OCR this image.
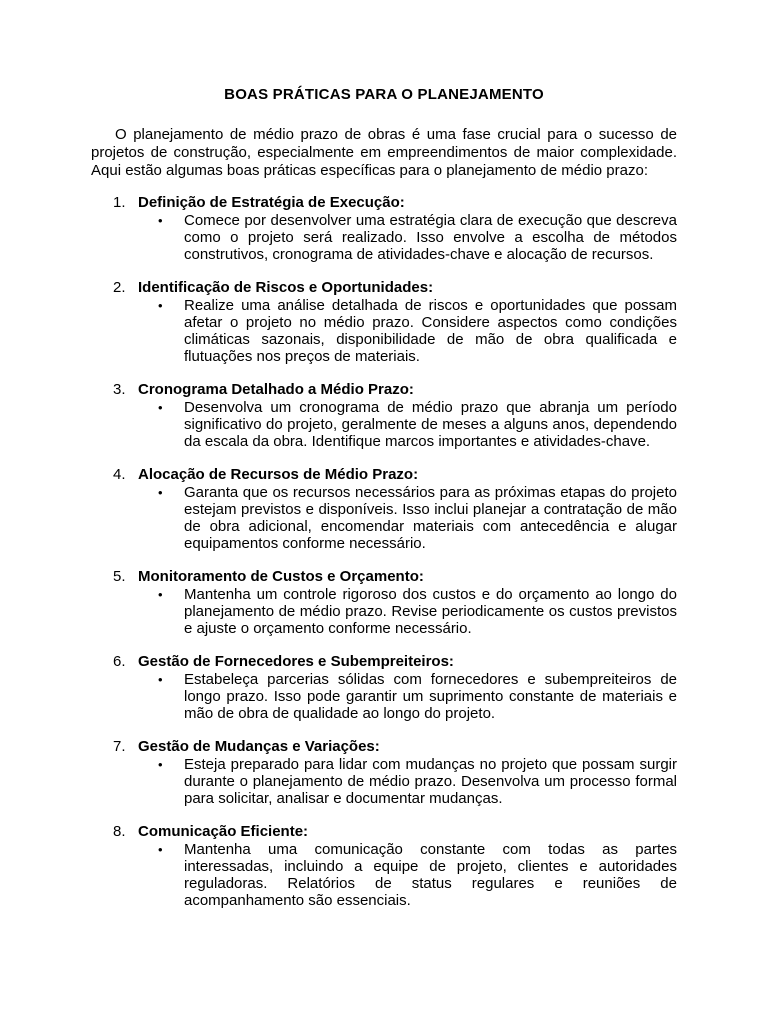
BOAS PRÁTICAS PARA O PLANEJAMENTO
O planejamento de médio prazo de obras é uma fase crucial para o sucesso de projetos de construção, especialmente em empreendimentos de maior complexidade. Aqui estão algumas boas práticas específicas para o planejamento de médio prazo:
1. Definição de Estratégia de Execução:
• Comece por desenvolver uma estratégia clara de execução que descreva como o projeto será realizado. Isso envolve a escolha de métodos construtivos, cronograma de atividades-chave e alocação de recursos.
2. Identificação de Riscos e Oportunidades:
• Realize uma análise detalhada de riscos e oportunidades que possam afetar o projeto no médio prazo. Considere aspectos como condições climáticas sazonais, disponibilidade de mão de obra qualificada e flutuações nos preços de materiais.
3. Cronograma Detalhado a Médio Prazo:
• Desenvolva um cronograma de médio prazo que abranja um período significativo do projeto, geralmente de meses a alguns anos, dependendo da escala da obra. Identifique marcos importantes e atividades-chave.
4. Alocação de Recursos de Médio Prazo:
• Garanta que os recursos necessários para as próximas etapas do projeto estejam previstos e disponíveis. Isso inclui planejar a contratação de mão de obra adicional, encomendar materiais com antecedência e alugar equipamentos conforme necessário.
5. Monitoramento de Custos e Orçamento:
• Mantenha um controle rigoroso dos custos e do orçamento ao longo do planejamento de médio prazo. Revise periodicamente os custos previstos e ajuste o orçamento conforme necessário.
6. Gestão de Fornecedores e Subempreiteiros:
• Estabeleça parcerias sólidas com fornecedores e subempreiteiros de longo prazo. Isso pode garantir um suprimento constante de materiais e mão de obra de qualidade ao longo do projeto.
7. Gestão de Mudanças e Variações:
• Esteja preparado para lidar com mudanças no projeto que possam surgir durante o planejamento de médio prazo. Desenvolva um processo formal para solicitar, analisar e documentar mudanças.
8. Comunicação Eficiente:
• Mantenha uma comunicação constante com todas as partes interessadas, incluindo a equipe de projeto, clientes e autoridades reguladoras. Relatórios de status regulares e reuniões de acompanhamento são essenciais.
